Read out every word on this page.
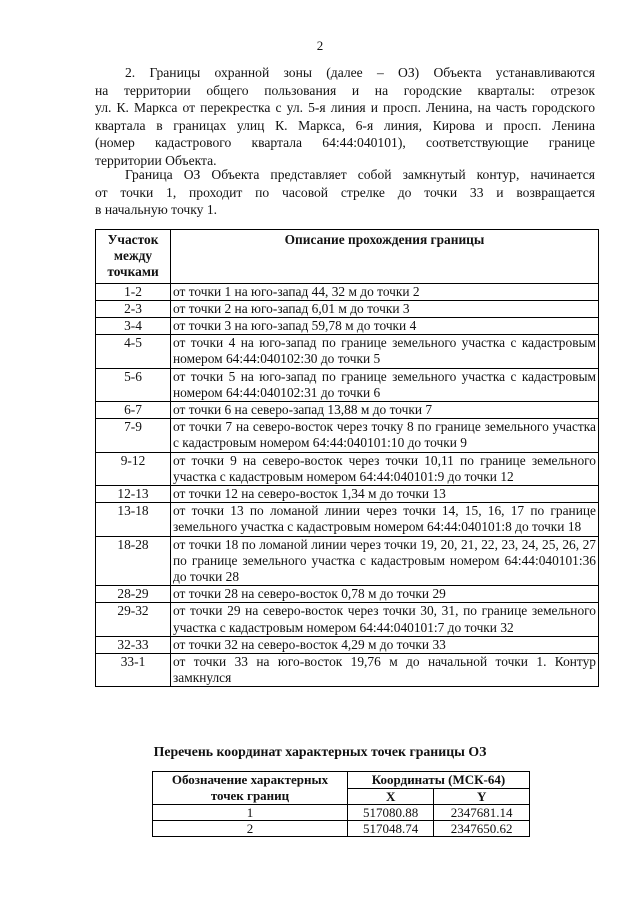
2
2. Границы охранной зоны (далее – ОЗ) Объекта устанавливаются
на территории общего пользования и на городские кварталы: отрезок
ул. К. Маркса от перекрестка с ул. 5-я линия и просп. Ленина, на часть городского
квартала в границах улиц К. Маркса, 6-я линия, Кирова и просп. Ленина
(номер кадастрового квартала 64:44:040101), соответствующие границе
территории Объекта.
Граница ОЗ Объекта представляет собой замкнутый контур, начинается
от точки 1, проходит по часовой стрелке до точки 33 и возвращается
в начальную точку 1.
Участок между точками	Описание прохождения границы
1-2	от точки 1 на юго-запад 44, 32 м до точки 2
2-3	от точки 2 на юго-запад 6,01 м до точки 3
3-4	от точки 3 на юго-запад 59,78 м до точки 4
4-5	от точки 4 на юго-запад по границе земельного участка с кадастровым номером 64:44:040102:30 до точки 5
5-6	от точки 5 на юго-запад по границе земельного участка с кадастровым номером 64:44:040102:31 до точки 6
6-7	от точки 6 на северо-запад 13,88 м до точки 7
7-9	от точки 7 на северо-восток через точку 8 по границе земельного участка с кадастровым номером 64:44:040101:10 до точки 9
9-12	от точки 9 на северо-восток через точки 10,11 по границе земельного участка с кадастровым номером 64:44:040101:9 до точки 12
12-13	от точки 12 на северо-восток 1,34 м до точки 13
13-18	от точки 13 по ломаной линии через точки 14, 15, 16, 17 по границе земельного участка с кадастровым номером 64:44:040101:8 до точки 18
18-28	от точки 18 по ломаной линии через точки 19, 20, 21, 22, 23, 24, 25, 26, 27 по границе земельного участка с кадастровым номером 64:44:040101:36 до точки 28
28-29	от точки 28 на северо-восток 0,78 м до точки 29
29-32	от точки 29 на северо-восток через точки 30, 31, по границе земельного участка с кадастровым номером 64:44:040101:7 до точки 32
32-33	от точки 32 на северо-восток 4,29 м до точки 33
33-1	от точки 33 на юго-восток 19,76 м до начальной точки 1. Контур замкнулся
Перечень координат характерных точек границы ОЗ
Обозначение характерных точек границ	Координаты (МСК-64)	
	X	Y
1	517080.88	2347681.14
2	517048.74	2347650.62
